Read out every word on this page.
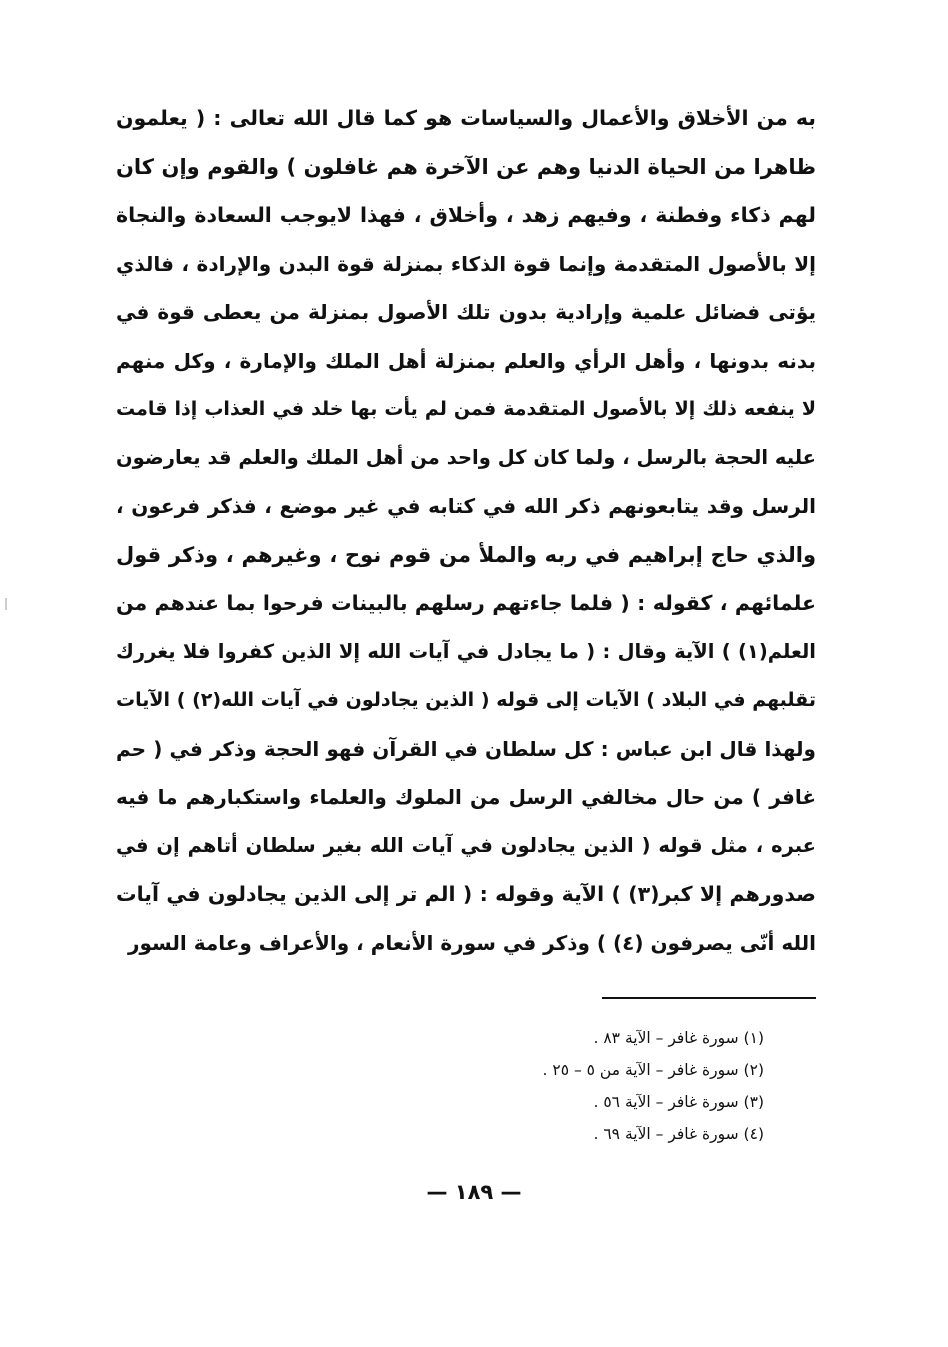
به من الأخلاق والأعمال والسياسات هو كما قال الله تعالى : ( يعلمون
ظاهرا من الحياة الدنيا وهم عن الآخرة هم غافلون ) والقوم وإن كان
لهم ذكاء وفطنة ، وفيهم زهد ، وأخلاق ، فهذا لايوجب السعادة والنجاة
إلا بالأصول المتقدمة وإنما قوة الذكاء بمنزلة قوة البدن والإرادة ، فالذي
يؤتى فضائل علمية وإرادية بدون تلك الأصول بمنزلة من يعطى قوة في
بدنه بدونها ، وأهل الرأي والعلم بمنزلة أهل الملك والإمارة ، وكل منهم
لا ينفعه ذلك إلا بالأصول المتقدمة فمن لم يأت بها خلد في العذاب إذا قامت
عليه الحجة بالرسل ، ولما كان كل واحد من أهل الملك والعلم قد يعارضون
الرسل وقد يتابعونهم ذكر الله في كتابه في غير موضع ، فذكر فرعون ،
والذي حاج إبراهيم في ربه والملأ من قوم نوح ، وغيرهم ، وذكر قول
علمائهم ، كقوله : ( فلما جاءتهم رسلهم بالبينات فرحوا بما عندهم من
العلم(١) ) الآية وقال : ( ما يجادل في آيات الله إلا الذين كفروا فلا يغررك
تقلبهم في البلاد ) الآيات إلى قوله ( الذين يجادلون في آيات الله(٢) ) الآيات
ولهذا قال ابن عباس : كل سلطان في القرآن فهو الحجة وذكر في ( حم
غافر ) من حال مخالفي الرسل من الملوك والعلماء واستكبارهم ما فيه
عبره ، مثل قوله ( الذين يجادلون في آيات الله بغير سلطان أتاهم إن في
صدورهم إلا كبر(٣) ) الآية وقوله : ( الم تر إلى الذين يجادلون في آيات
الله أنّى يصرفون (٤) ) وذكر في سورة الأنعام ، والأعراف وعامة السور
(١) سورة غافر – الآية ٨٣ .
(٢) سورة غافر – الآية من ٥ – ٢٥ .
(٣) سورة غافر – الآية ٥٦ .
(٤) سورة غافر – الآية ٦٩ .
— ١٨٩ —
